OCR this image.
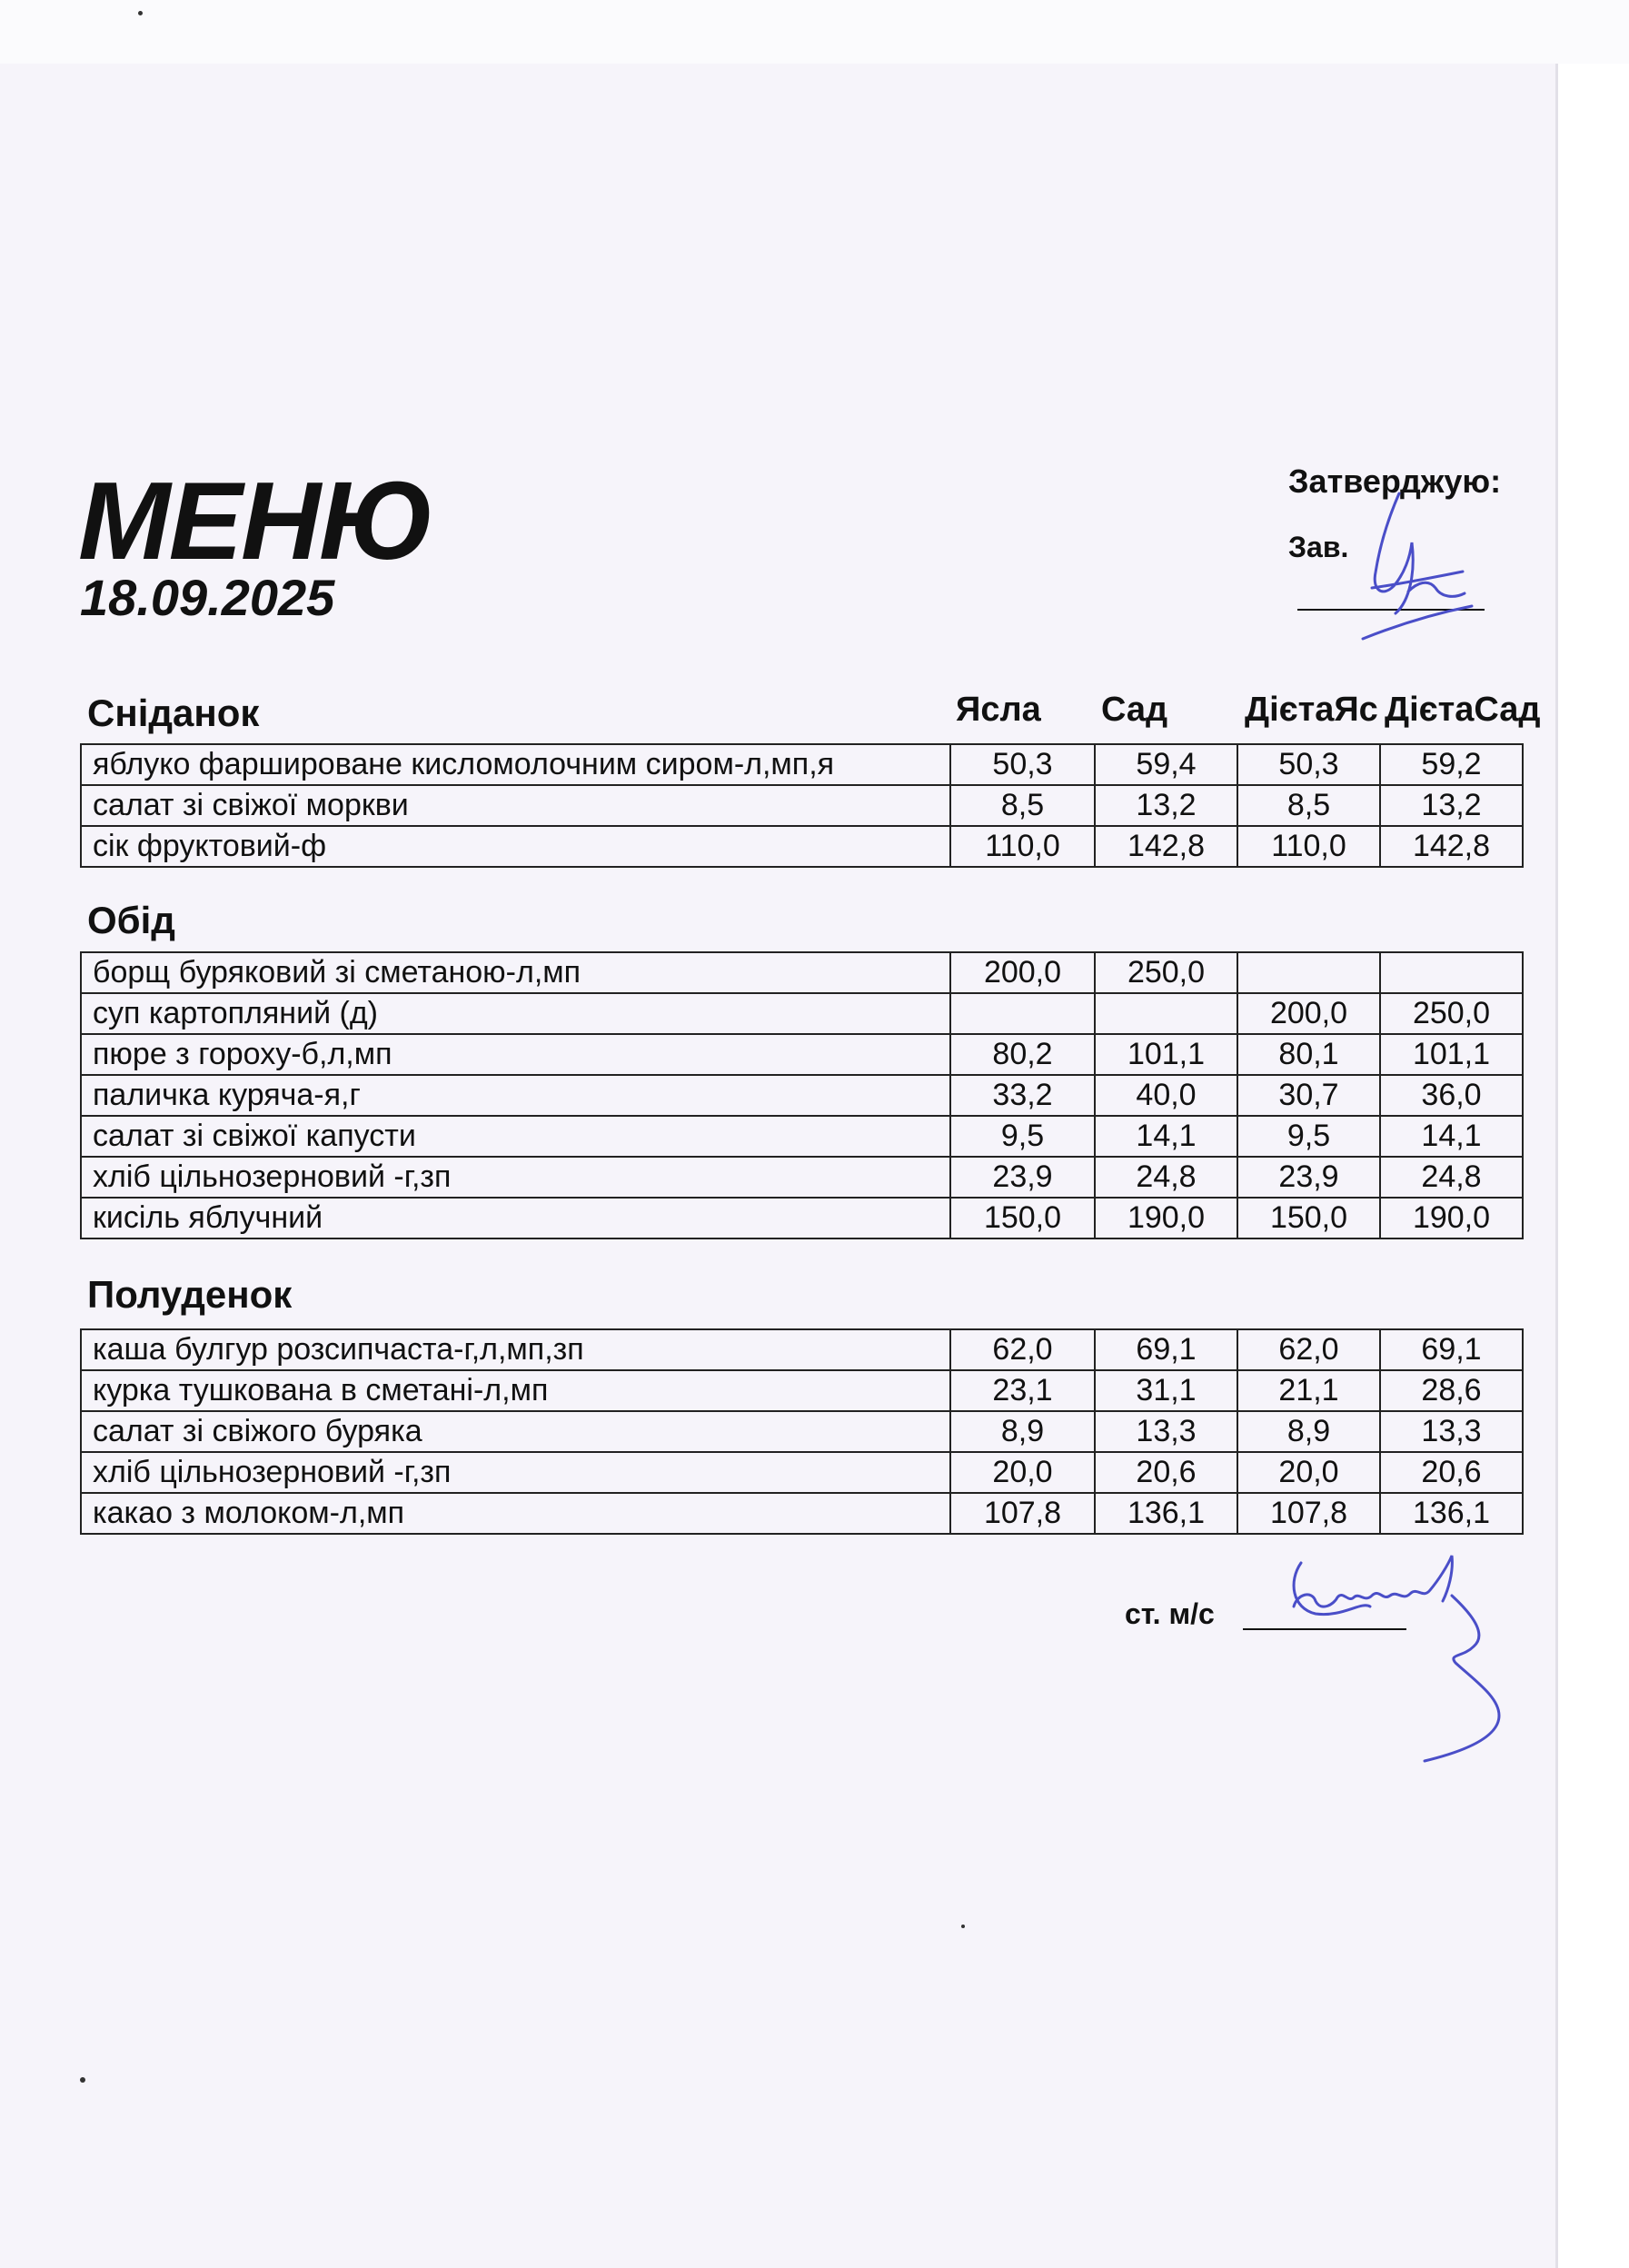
МЕНЮ
18.09.2025
Затверджую:
Зав.
Ясла Сад ДієтаЯс ДієтаСад
Сніданок
яблуко фаршироване кисломолочним сиром-л,мп,я	50,3	59,4	50,3	59,2
салат зі свіжої моркви	8,5	13,2	8,5	13,2
сік фруктовий-ф	110,0	142,8	110,0	142,8
Обід
борщ буряковий зі сметаною-л,мп	200,0	250,0		
суп картопляний (д)			200,0	250,0
пюре з гороху-б,л,мп	80,2	101,1	80,1	101,1
паличка куряча-я,г	33,2	40,0	30,7	36,0
салат зі свіжої капусти	9,5	14,1	9,5	14,1
хліб цільнозерновий -г,зп	23,9	24,8	23,9	24,8
кисіль яблучний	150,0	190,0	150,0	190,0
Полуденок
каша булгур розсипчаста-г,л,мп,зп	62,0	69,1	62,0	69,1
курка тушкована в сметані-л,мп	23,1	31,1	21,1	28,6
салат зі свіжого буряка	8,9	13,3	8,9	13,3
хліб цільнозерновий -г,зп	20,0	20,6	20,0	20,6
какао з молоком-л,мп	107,8	136,1	107,8	136,1
ст. м/с
